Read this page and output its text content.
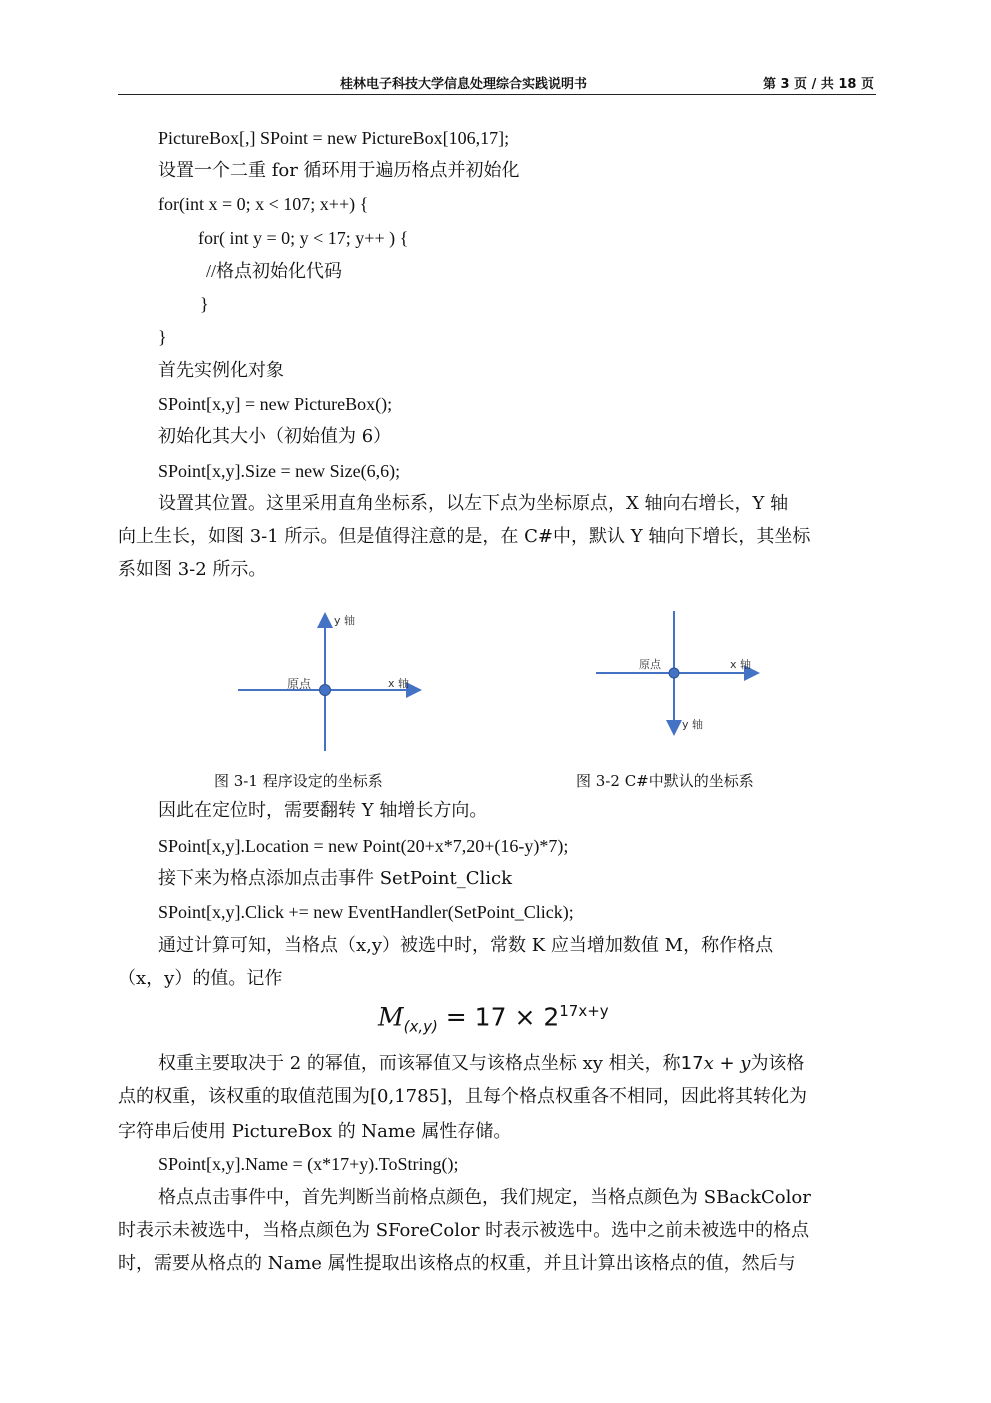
桂林电子科技大学信息处理综合实践说明书	第 3 页 / 共 18 页
PictureBox[,] SPoint = new PictureBox[106,17];
设置一个二重 for 循环用于遍历格点并初始化
for(int x = 0; x < 107; x++) {
for( int y = 0; y < 17; y++ ) {
//格点初始化代码
}
}
首先实例化对象
SPoint[x,y] = new PictureBox();
初始化其大小（初始值为 6）
SPoint[x,y].Size = new Size(6,6);
设置其位置。这里采用直角坐标系，以左下点为坐标原点，X 轴向右增长，Y 轴
向上生长，如图 3-1 所示。但是值得注意的是，在 C#中，默认 Y 轴向下增长，其坐标
系如图 3-2 所示。
y 轴
x 轴
原点
原点	x 轴
y 轴
图 3-1 程序设定的坐标系	图 3-2 C#中默认的坐标系
因此在定位时，需要翻转 Y 轴增长方向。
SPoint[x,y].Location = new Point(20+x*7,20+(16-y)*7);
接下来为格点添加点击事件 SetPoint_Click
SPoint[x,y].Click += new EventHandler(SetPoint_Click);
通过计算可知，当格点（x,y）被选中时，常数 K 应当增加数值 M，称作格点
（x，y）的值。记作
$M_{(x,y)} = 17 \times 2^{17x+y}$
权重主要取决于 2 的幂值，而该幂值又与该格点坐标 xy 相关，称17x + y为该格
点的权重，该权重的取值范围为[0,1785]，且每个格点权重各不相同，因此将其转化为
字符串后使用 PictureBox 的 Name 属性存储。
SPoint[x,y].Name = (x*17+y).ToString();
格点点击事件中，首先判断当前格点颜色，我们规定，当格点颜色为 SBackColor
时表示未被选中，当格点颜色为 SForeColor 时表示被选中。选中之前未被选中的格点
时，需要从格点的 Name 属性提取出该格点的权重，并且计算出该格点的值，然后与
